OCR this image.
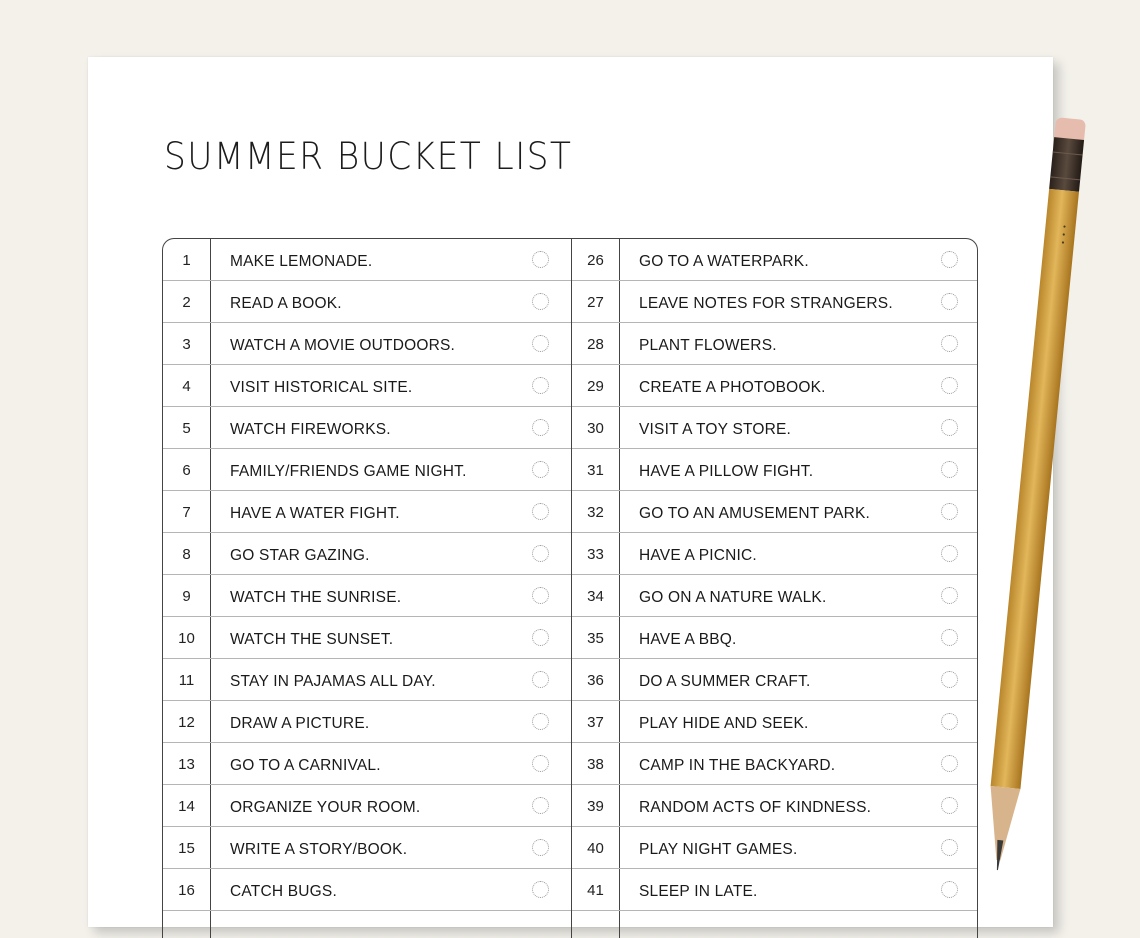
SUMMER BUCKET LIST
1	MAKE LEMONADE.
2	READ A BOOK.
3	WATCH A MOVIE OUTDOORS.
4	VISIT HISTORICAL SITE.
5	WATCH FIREWORKS.
6	FAMILY/FRIENDS GAME NIGHT.
7	HAVE A WATER FIGHT.
8	GO STAR GAZING.
9	WATCH THE SUNRISE.
10	WATCH THE SUNSET.
11	STAY IN PAJAMAS ALL DAY.
12	DRAW A PICTURE.
13	GO TO A CARNIVAL.
14	ORGANIZE YOUR ROOM.
15	WRITE A STORY/BOOK.
16	CATCH BUGS.
26	GO TO A WATERPARK.
27	LEAVE NOTES FOR STRANGERS.
28	PLANT FLOWERS.
29	CREATE A PHOTOBOOK.
30	VISIT A TOY STORE.
31	HAVE A PILLOW FIGHT.
32	GO TO AN AMUSEMENT PARK.
33	HAVE A PICNIC.
34	GO ON A NATURE WALK.
35	HAVE A BBQ.
36	DO A SUMMER CRAFT.
37	PLAY HIDE AND SEEK.
38	CAMP IN THE BACKYARD.
39	RANDOM ACTS OF KINDNESS.
40	PLAY NIGHT GAMES.
41	SLEEP IN LATE.
